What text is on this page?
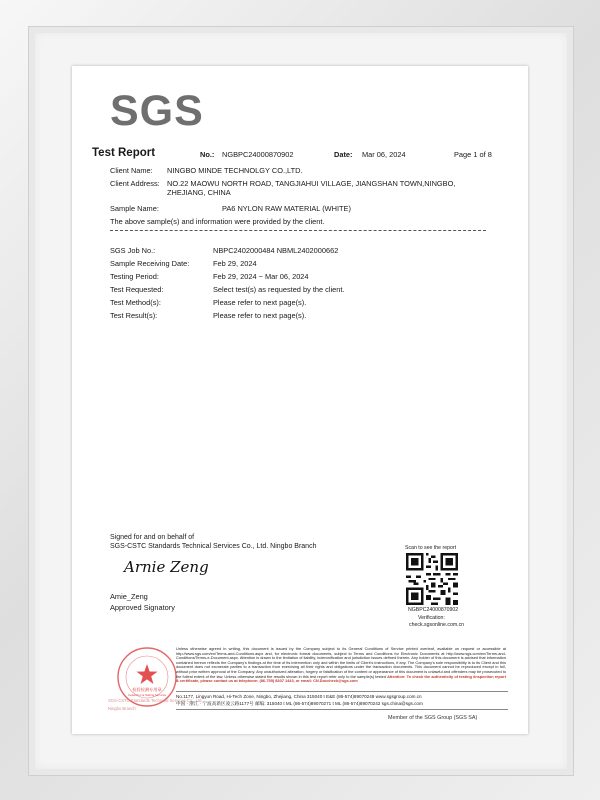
SGS
Test Report	No.: NGBPC24000870902	Date: Mar 06, 2024	Page 1 of 8
Client Name: NINGBO MINDE TECHNOLGY CO.,LTD.
Client Address: NO.22 MAOWU NORTH ROAD, TANGJIAHUI VILLAGE, JIANGSHAN TOWN,NINGBO,
ZHEJIANG, CHINA
Sample Name:	PA6 NYLON RAW MATERIAL (WHITE)
The above sample(s) and information were provided by the client.
SGS Job No.:	NBPC2402000484 NBML2402000662
Sample Receiving Date:	Feb 29, 2024
Testing Period:	Feb 29, 2024 ~ Mar 06, 2024
Test Requested:	Select test(s) as requested by the client.
Test Method(s):	Please refer to next page(s).
Test Result(s):	Please refer to next page(s).
Signed for and on behalf of
SGS-CSTC Standards Technical Services Co., Ltd. Ningbo Branch
Arnie Zeng
Amie_Zeng
Approved Signatory
Scan to see the report
NGBPC24000870902
Verification:
check.sgsonline.com.cn
检验检测专用章
Inspection & Testing Services
SGS-CSTC Standards Technical Services Co., Ltd.
Ningbo Branch
Unless otherwise agreed in writing, this document is issued by the Company subject to its General Conditions of Service printed overleaf, available on request or accessible at http://www.sgs.com/en/Terms-and-Conditions.aspx and, for electronic format documents, subject to Terms and Conditions for Electronic Documents at http://www.sgs.com/en/Terms-and-Conditions/Terms-e-Document.aspx. Attention is drawn to the limitation of liability, indemnification and jurisdiction issues defined therein. Any holder of this document is advised that information contained hereon reflects the Company's findings at the time of its intervention only and within the limits of Client's instructions, if any. The Company's sole responsibility is to its Client and this document does not exonerate parties to a transaction from exercising all their rights and obligations under the transaction documents. This document cannot be reproduced except in full, without prior written approval of the Company. Any unauthorized alteration, forgery or falsification of the content or appearance of this document is unlawful and offenders may be prosecuted to the fullest extent of the law. Unless otherwise stated the results shown in this test report refer only to the sample(s) tested Attention: To check the authenticity of testing /inspection report & certificate, please contact us at telephone: (86-755) 8307 1443, or email: CN.Doccheck@sgs.com
No.1177, Lingyun Road, Hi-Tech Zone, Ningbo, Zhejiang, China 315040 t E&E (86-574)89070249 www.sgsgroup.com.cn
中国 · 浙江 · 宁波高新区凌云路1177号 邮编: 315040 t ML (86-574)89070271 t ML (86-574)89070242 sgs.china@sgs.com
Member of the SGS Group (SGS SA)
